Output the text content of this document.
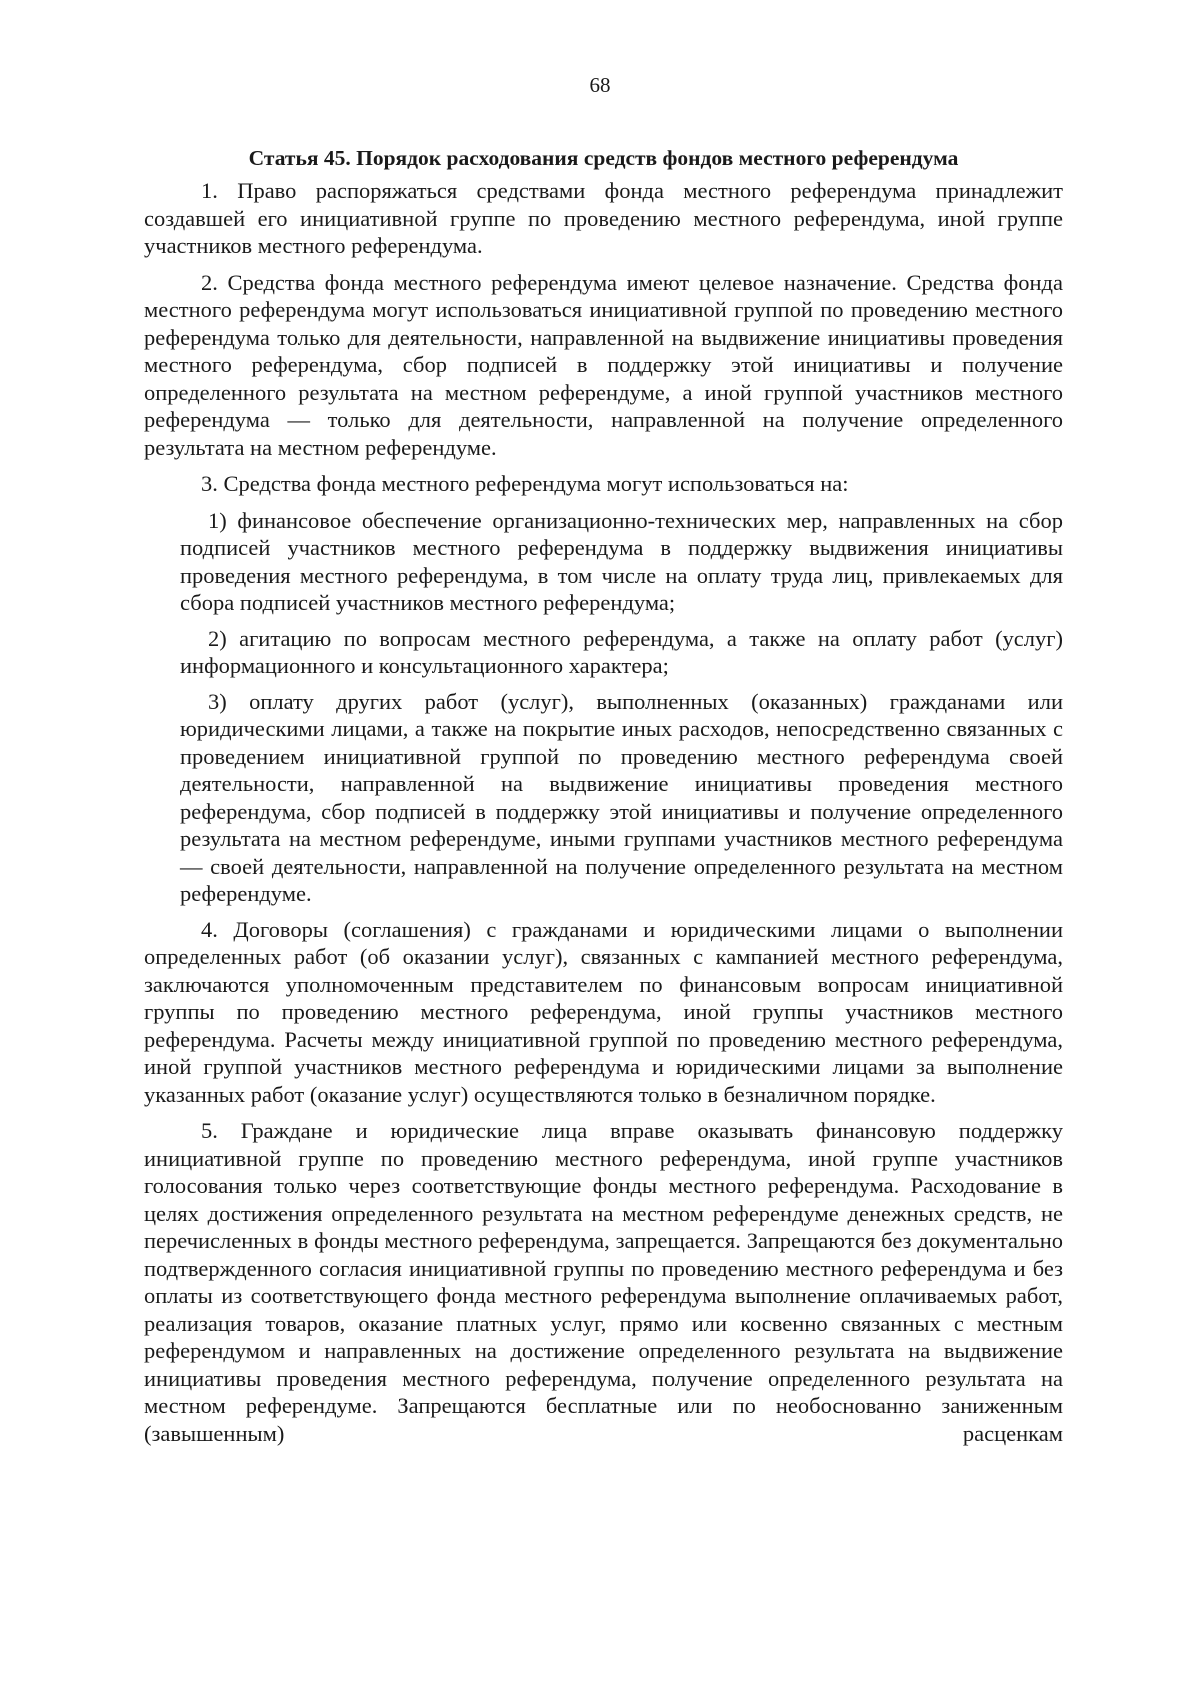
68
Статья 45. Порядок расходования средств фондов местного референдума

1. Право распоряжаться средствами фонда местного референдума принадлежит создавшей его инициативной группе по проведению местного референдума, иной группе участников местного референдума.

2. Средства фонда местного референдума имеют целевое назначение. Средства фонда местного референдума могут использоваться инициативной группой по проведению местного референдума только для деятельности, направленной на выдвижение инициативы проведения местного референдума, сбор подписей в поддержку этой инициативы и получение определенного результата на местном референдуме, а иной группой участников местного референдума — только для деятельности, направленной на получение определенного результата на местном референдуме.

3. Средства фонда местного референдума могут использоваться на:

1) финансовое обеспечение организационно-технических мер, направленных на сбор подписей участников местного референдума в поддержку выдвижения инициативы проведения местного референдума, в том числе на оплату труда лиц, привлекаемых для сбора подписей участников местного референдума;

2) агитацию по вопросам местного референдума, а также на оплату работ (услуг) информационного и консультационного характера;

3) оплату других работ (услуг), выполненных (оказанных) гражданами или юридическими лицами, а также на покрытие иных расходов, непосредственно связанных с проведением инициативной группой по проведению местного референдума своей деятельности, направленной на выдвижение инициативы проведения местного референдума, сбор подписей в поддержку этой инициативы и получение определенного результата на местном референдуме, иными группами участников местного референдума — своей деятельности, направленной на получение определенного результата на местном референдуме.

4. Договоры (соглашения) с гражданами и юридическими лицами о выполнении определенных работ (об оказании услуг), связанных с кампанией местного референдума, заключаются уполномоченным представителем по финансовым вопросам инициативной группы по проведению местного референдума, иной группы участников местного референдума. Расчеты между инициативной группой по проведению местного референдума, иной группой участников местного референдума и юридическими лицами за выполнение указанных работ (оказание услуг) осуществляются только в безналичном порядке.

5. Граждане и юридические лица вправе оказывать финансовую поддержку инициативной группе по проведению местного референдума, иной группе участников голосования только через соответствующие фонды местного референдума. Расходование в целях достижения определенного результата на местном референдуме денежных средств, не перечисленных в фонды местного референдума, запрещается. Запрещаются без документально подтвержденного согласия инициативной группы по проведению местного референдума и без оплаты из соответствующего фонда местного референдума выполнение оплачиваемых работ, реализация товаров, оказание платных услуг, прямо или косвенно связанных с местным референдумом и направленных на достижение определенного результата на выдвижение инициативы проведения местного референдума, получение определенного результата на местном референдуме. Запрещаются бесплатные или по необоснованно заниженным (завышенным) расценкам
